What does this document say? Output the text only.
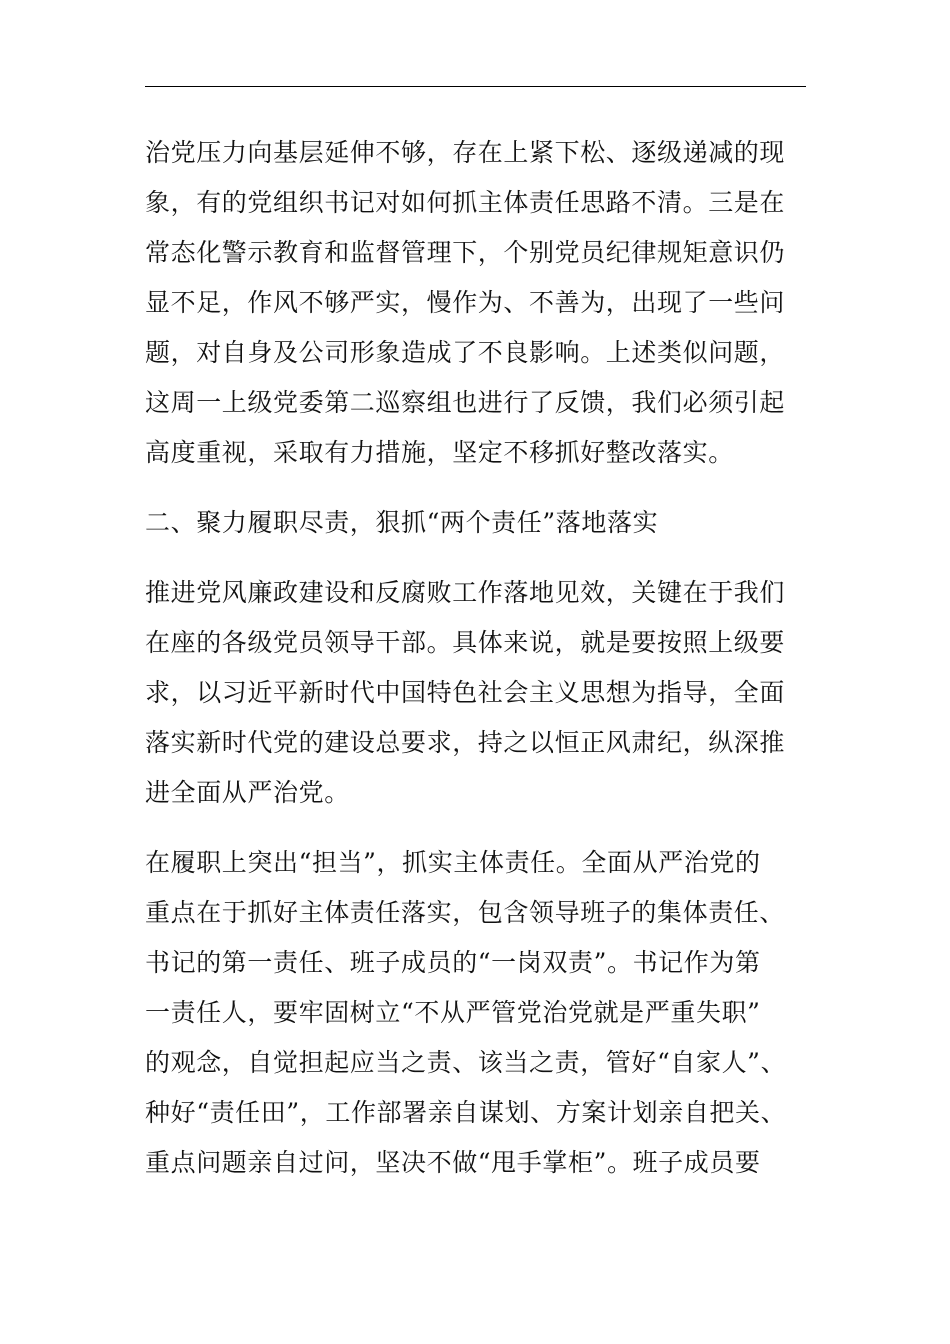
治党压力向基层延伸不够，存在上紧下松、逐级递减的现

象，有的党组织书记对如何抓主体责任思路不清。三是在

常态化警示教育和监督管理下，个别党员纪律规矩意识仍

显不足，作风不够严实，慢作为、不善为，出现了一些问

题，对自身及公司形象造成了不良影响。上述类似问题，

这周一上级党委第二巡察组也进行了反馈，我们必须引起

高度重视，采取有力措施，坚定不移抓好整改落实。

二、聚力履职尽责，狠抓“两个责任”落地落实

推进党风廉政建设和反腐败工作落地见效，关键在于我们

在座的各级党员领导干部。具体来说，就是要按照上级要

求，以习近平新时代中国特色社会主义思想为指导，全面

落实新时代党的建设总要求，持之以恒正风肃纪，纵深推

进全面从严治党。

在履职上突出“担当”，抓实主体责任。全面从严治党的

重点在于抓好主体责任落实，包含领导班子的集体责任、

书记的第一责任、班子成员的“一岗双责”。书记作为第

一责任人，要牢固树立“不从严管党治党就是严重失职”

的观念，自觉担起应当之责、该当之责，管好“自家人”、

种好“责任田”，工作部署亲自谋划、方案计划亲自把关、

重点问题亲自过问，坚决不做“甩手掌柜”。班子成员要
